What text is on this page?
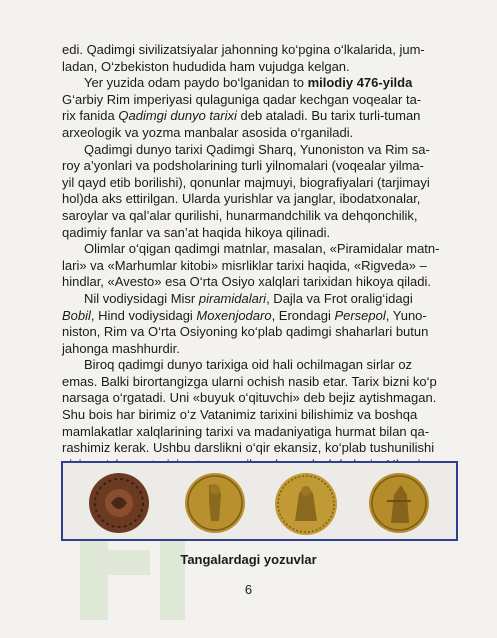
edi. Qadimgi sivilizatsiyalar jahonning ko‘pgina o‘lkalarida, jum-
ladan, O‘zbekiston hududida ham vujudga kelgan.

Yer yuzida odam paydo bo‘lganidan to milodiy 476-yilda
G‘arbiy Rim imperiyasi qulaguniga qadar kechgan voqealar ta-
rix fanida Qadimgi dunyo tarixi deb ataladi. Bu tarix turli-tuman
arxeologik va yozma manbalar asosida o‘rganiladi.

Qadimgi dunyo tarixi Qadimgi Sharq, Yunoniston va Rim sa-
roy a’yonlari va podsholarining turli yilnomalari (voqealar yilma-
yil qayd etib borilishi), qonunlar majmuyi, biografiyalari (tarjimayi
hol)da aks ettirilgan. Ularda yurishlar va janglar, ibodatxonalar,
saroylar va qal’alar qurilishi, hunarmandchilik va dehqonchilik,
qadimiy fanlar va san’at haqida hikoya qilinadi.

Olimlar o‘qigan qadimgi matnlar, masalan, «Piramidalar matn-
lari» va «Marhumlar kitobi» misrliklar tarixi haqida, «Rigveda» –
hindlar, «Avesto» esa O‘rta Osiyo xalqlari tarixidan hikoya qiladi.

Nil vodiysidagi Misr piramidalari, Dajla va Frot oralig‘idagi
Bobil, Hind vodiysidagi Moxenjodaro, Erondagi Persepol, Yuno-
niston, Rim va O‘rta Osiyoning ko‘plab qadimgi shaharlari butun
jahonga mashhurdir.

Biroq qadimgi dunyo tarixiga oid hali ochilmagan sirlar oz
emas. Balki birortangizga ularni ochish nasib etar. Tarix bizni ko‘p
narsaga o‘rgatadi. Uni «buyuk o‘qituvchi» deb bejiz aytishmagan.
Shu bois har birimiz o‘z Vatanimiz tarixini bilishimiz va boshqa
mamlakatlar xalqlarining tarixi va madaniyatiga hurmat bilan qa-
rashimiz kerak. Ushbu darslikni o‘qir ekansiz, ko‘plab tushunilishi

Tangalardagi yozuvlar
6
